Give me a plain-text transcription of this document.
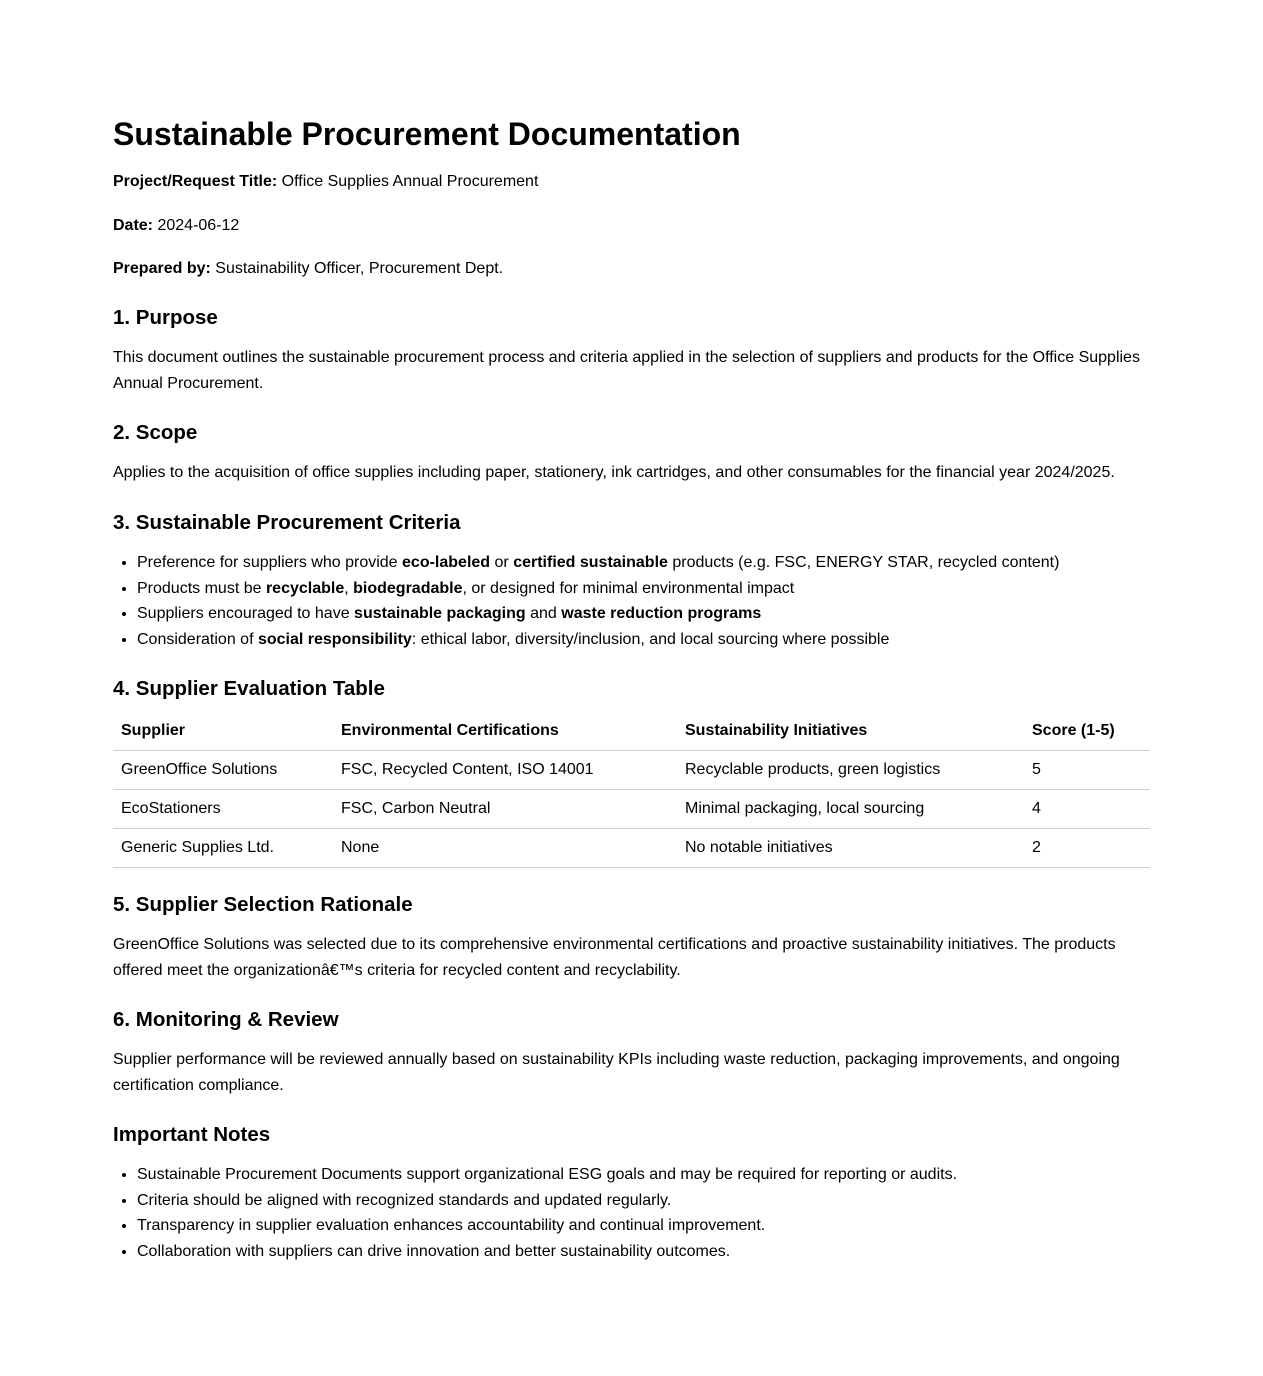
Sustainable Procurement Documentation

Project/Request Title: Office Supplies Annual Procurement

Date: 2024-06-12

Prepared by: Sustainability Officer, Procurement Dept.

1. Purpose

This document outlines the sustainable procurement process and criteria applied in the selection of suppliers and products for the Office Supplies Annual Procurement.

2. Scope

Applies to the acquisition of office supplies including paper, stationery, ink cartridges, and other consumables for the financial year 2024/2025.

3. Sustainable Procurement Criteria
• Preference for suppliers who provide eco-labeled or certified sustainable products (e.g. FSC, ENERGY STAR, recycled content)
• Products must be recyclable, biodegradable, or designed for minimal environmental impact
• Suppliers encouraged to have sustainable packaging and waste reduction programs
• Consideration of social responsibility: ethical labor, diversity/inclusion, and local sourcing where possible
4. Supplier Evaluation Table
Supplier	Environmental Certifications	Sustainability Initiatives	Score (1-5)
GreenOffice Solutions	FSC, Recycled Content, ISO 14001	Recyclable products, green logistics	5
EcoStationers	FSC, Carbon Neutral	Minimal packaging, local sourcing	4
Generic Supplies Ltd.	None	No notable initiatives	2
5. Supplier Selection Rationale

GreenOffice Solutions was selected due to its comprehensive environmental certifications and proactive sustainability initiatives. The products offered meet the organizationâ€™s criteria for recycled content and recyclability.

6. Monitoring & Review

Supplier performance will be reviewed annually based on sustainability KPIs including waste reduction, packaging improvements, and ongoing certification compliance.

Important Notes
• Sustainable Procurement Documents support organizational ESG goals and may be required for reporting or audits.
• Criteria should be aligned with recognized standards and updated regularly.
• Transparency in supplier evaluation enhances accountability and continual improvement.
• Collaboration with suppliers can drive innovation and better sustainability outcomes.
